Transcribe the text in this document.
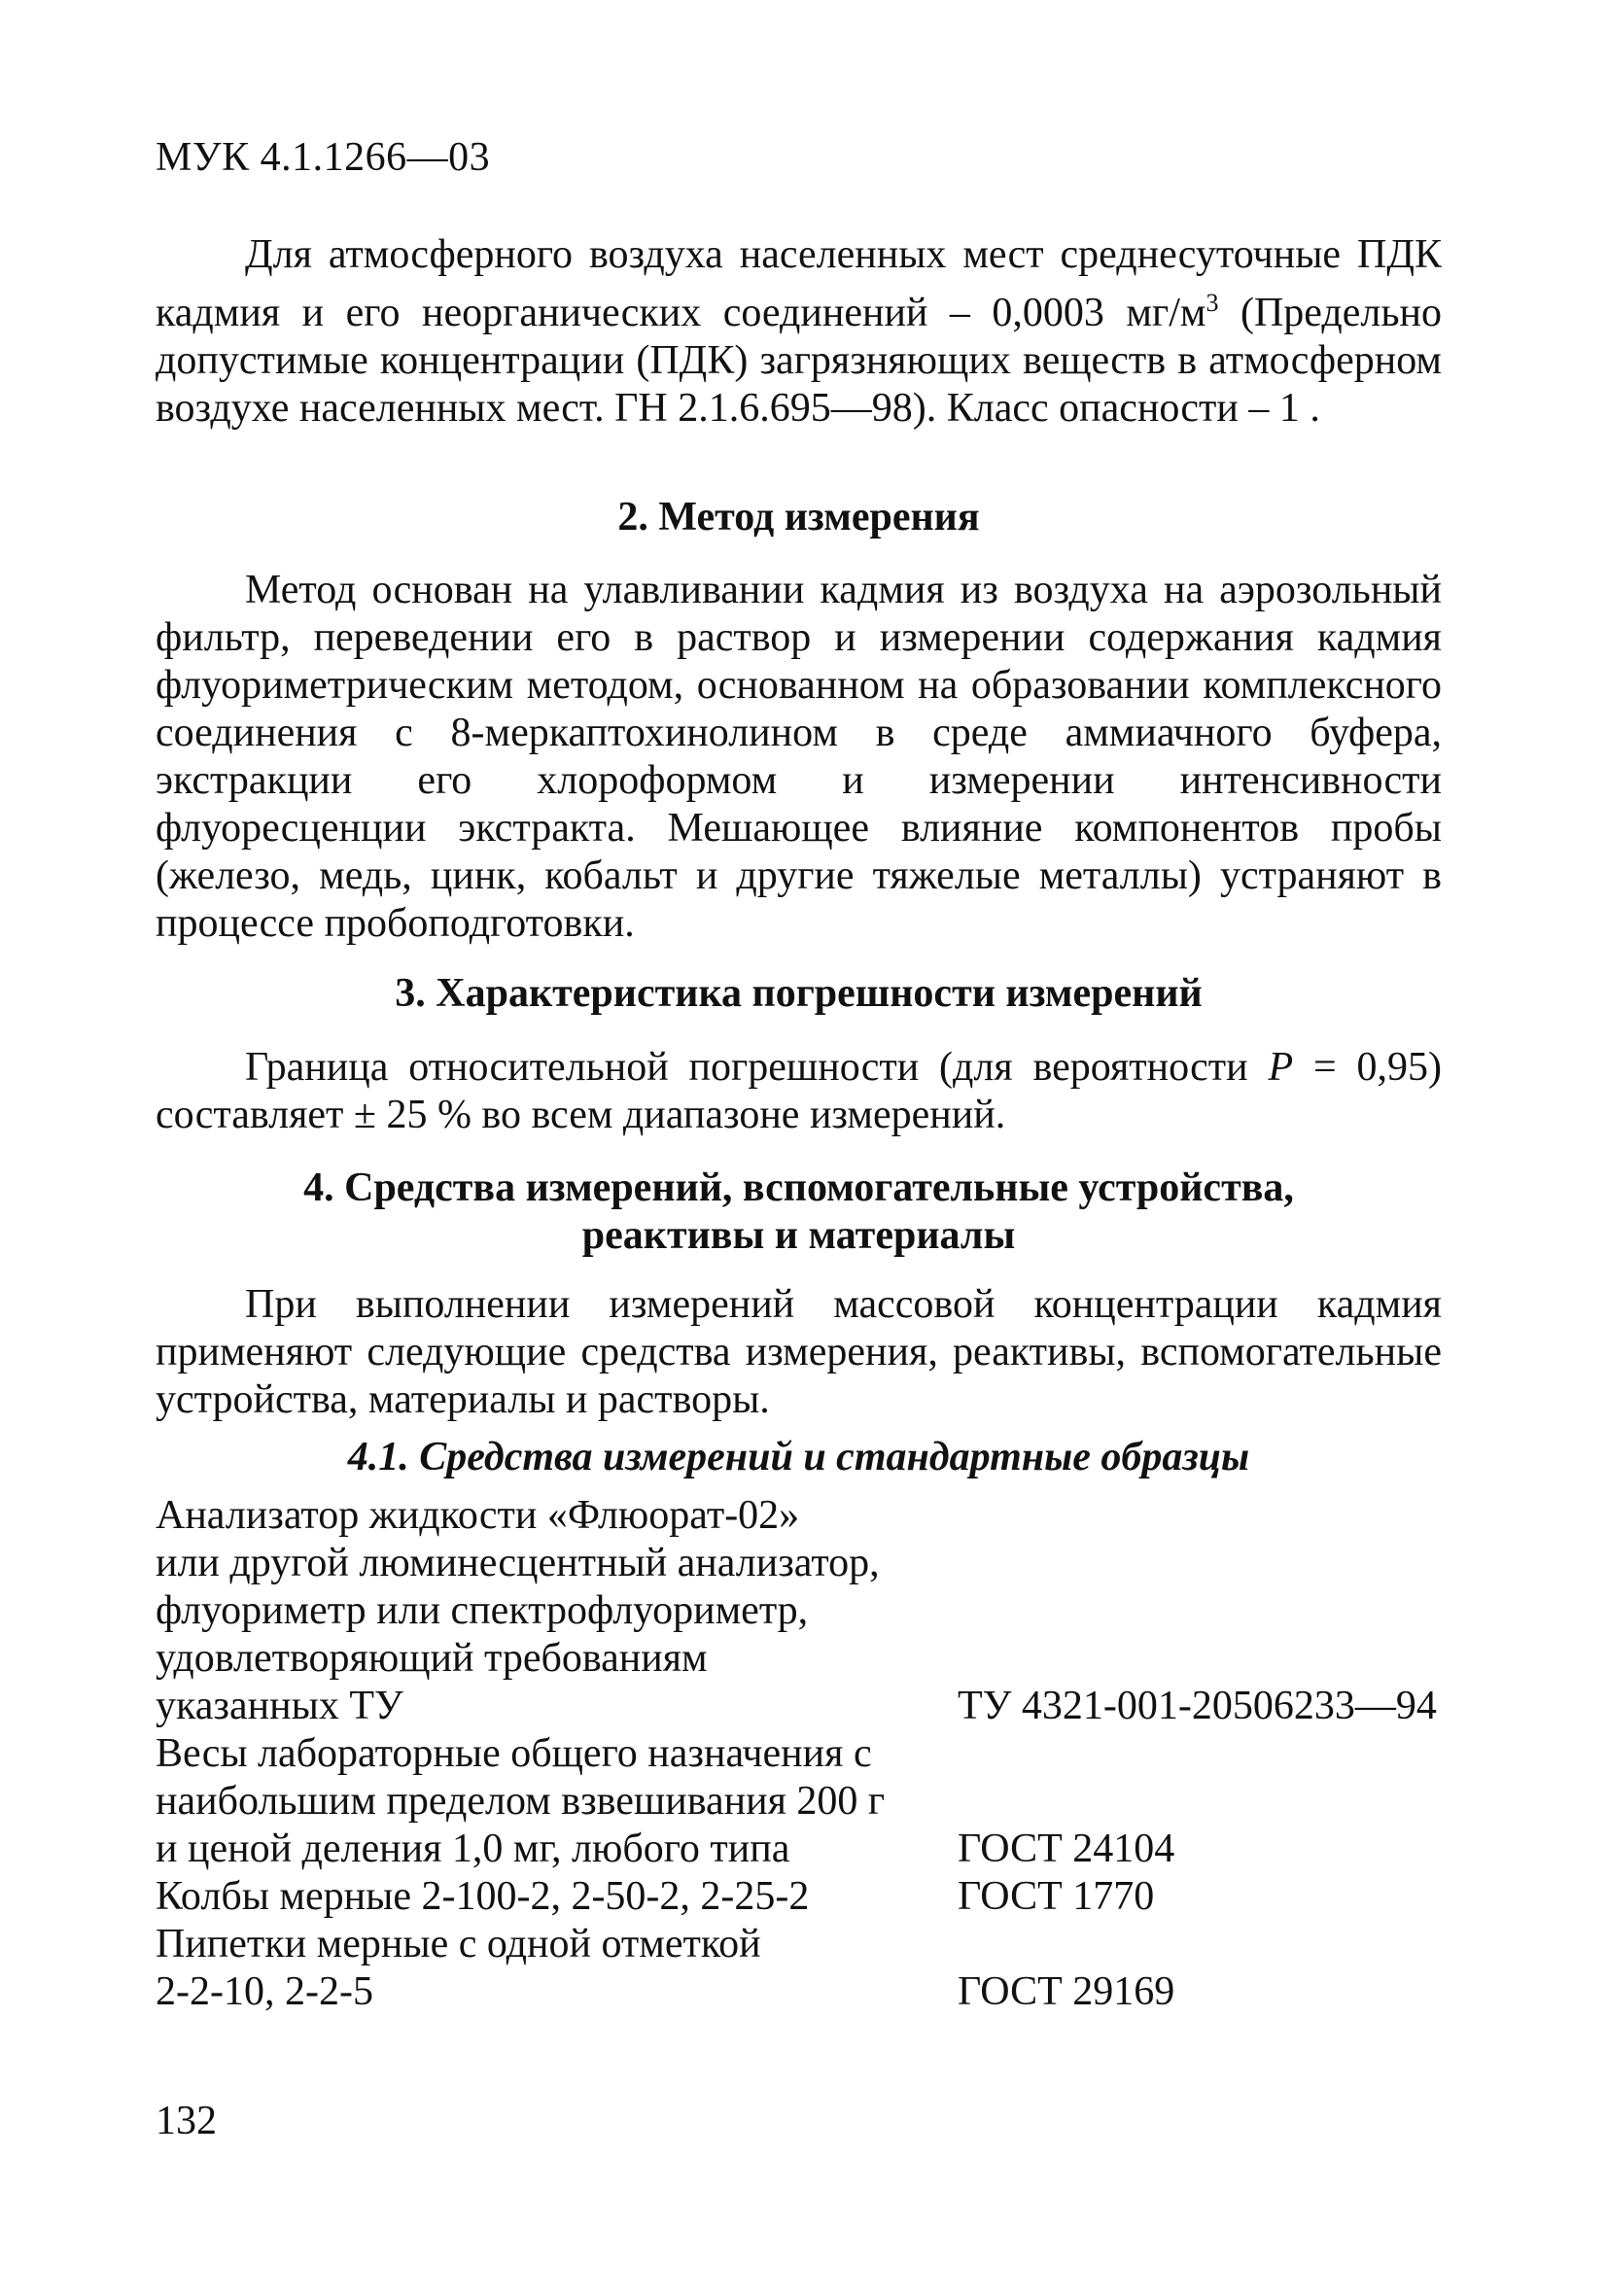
МУК 4.1.1266—03

Для атмосферного воздуха населенных мест среднесуточные ПДК кадмия и его неорганических соединений – 0,0003 $мг/м^3$ (Предельно допустимые концентрации (ПДК) загрязняющих веществ в атмосферном воздухе населенных мест. ГН 2.1.6.695—98). Класс опасности – 1 .

2. Метод измерения

Метод основан на улавливании кадмия из воздуха на аэрозольный фильтр, переведении его в раствор и измерении содержания кадмия флуориметрическим методом, основанном на образовании комплексного соединения с 8-меркаптохинолином в среде аммиачного буфера, экстракции его хлороформом и измерении интенсивности флуоресценции экстракта. Мешающее влияние компонентов пробы (железо, медь, цинк, кобальт и другие тяжелые металлы) устраняют в процессе пробоподготовки.

3. Характеристика погрешности измерений

Граница относительной погрешности (для вероятности P = 0,95) составляет ± 25 % во всем диапазоне измерений.

4. Средства измерений, вспомогательные устройства,
реактивы и материалы

При выполнении измерений массовой концентрации кадмия применяют следующие средства измерения, реактивы, вспомогательные устройства, материалы и растворы.

4.1. Средства измерений и стандартные образцы
Анализатор жидкости «Флюорат-02»
или другой люминесцентный анализатор,
флуориметр или спектрофлуориметр,
удовлетворяющий требованиям
указанных ТУ	ТУ 4321-001-20506233—94
Весы лабораторные общего назначения с
наибольшим пределом взвешивания 200 г
и ценой деления 1,0 мг, любого типа	ГОСТ 24104
Колбы мерные 2-100-2, 2-50-2, 2-25-2	ГОСТ 1770
Пипетки мерные с одной отметкой
2-2-10, 2-2-5	ГОСТ 29169
132
